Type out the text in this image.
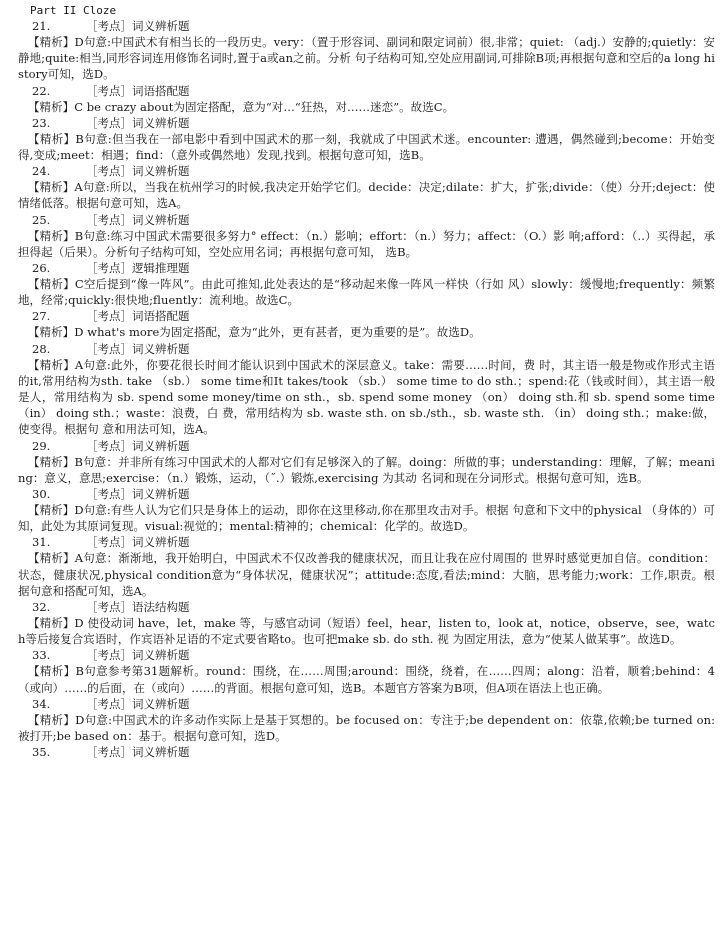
Part II Cloze
21.	［考点］词义辨析题
【精析】D句意:中国武术有相当长的一段历史。very：（置于形容词、副词和限定词前）很,非常；quiet: （adj.）安静的;quietly：安静地;quite:相当,同形容词连用修饰名词时,置于a或an之前。分析 句子结构可知,空处应用副词,可排除B项;再根据句意和空后的a long history可知，选D。
22.	［考点］词语搭配题
【精析】C be crazy about为固定搭配，意为“对…“狂热，对……迷恋”。故选C。
23.	［考点］词义辨析题
【精析】B句意:但当我在一部电影中看到中国武术的那一刻，我就成了中国武术迷。encounter: 遭遇，偶然碰到;become：开始变得,变成;meet：相遇；find：（意外或偶然地）发现,找到。根据句意可知，选B。
24.	［考点］词义辨析题
【精析】A句意:所以，当我在杭州学习的时候,我决定开始学它们。decide：决定;dilate：扩大，扩张;divide：（使）分开;deject：使情绪低落。根据句意可知，选A。
25.	［考点］词义辨析题
【精析】B句意:练习中国武术需要很多努力° effect：（n.）影响；effort：（n.）努力；affect：（O.）影 响;afford：（..）买得起，承担得起（后果）。分析句子结构可知，空处应用名词；再根据句意可知， 选B。
26.	［考点］逻辑推理题
【精析】C空后提到“像一阵风”。由此可推知,此处表达的是“移动起来像一阵风一样快（行如 风）slowly：缓慢地;frequently：频繁地，经常;quickly:很快地;fluently：流利地。故选C。
27.	［考点］词语搭配题
【精析】D what's more为固定搭配，意为“此外，更有甚者，更为重要的是”。故选D。
28.	［考点］词义辨析题
【精析】A句意:此外，你要花很长时间才能认识到中国武术的深层意义。take：需要……时间，费 时，其主语一般是物或作形式主语的it,常用结构为sth. take （sb.） some time和It takes/took （sb.） some time to do sth.；spend:花（钱或时间），其主语一般是人，常用结构为 sb. spend some money/time on sth.，sb. spend some money （on） doing sth.和 sb. spend some time （in） doing sth.；waste：浪费，白 费，常用结构为 sb. waste sth. on sb./sth.，sb. waste sth. （in） doing sth.；make:做，使变得。根据句 意和用法可知，选A。
29.	［考点］词义辨析题
【精析】B句意：并非所有练习中国武术的人都对它们有足够深入的了解。doing：所做的事；understanding：理解，了解；meaning：意义，意思;exercise：（n.）锻炼，运动，（˝.）锻炼,exercising 为其动 名词和现在分词形式。根据句意可知，选B。
30.	［考点］词义辨析题
【精析】D句意:有些人认为它们只是身体上的运动，即你在这里移动,你在那里攻击对手。根据 句意和下文中的physical （身体的）可知，此处为其原词复现。visual:视觉的；mental:精神的；chemical：化学的。故选D。
31.	［考点］词义辨析题
【精析】A句意：渐渐地，我开始明白，中国武术不仅改善我的健康状况，而且让我在应付周围的 世界时感觉更加自信。condition：状态，健康状况,physical condition意为“身体状况，健康状况”；attitude:态度,看法;mind：大脑，思考能力;work：工作,职责。根据句意和搭配可知，选A。
32.	［考点］语法结构题
【精析】D 使役动词 have，let，make 等，与感官动词（短语）feel，hear，listen to，look at，notice，observe，see，watch等后接复合宾语时，作宾语补足语的不定式要省略to。也可把make sb. do sth. 视 为固定用法，意为“使某人做某事”。故选D。
33.	［考点］词义辨析题
【精析】B句意参考第31题解析。round：围绕，在……周围;around：围绕，绕着，在……四周；along：沿着，顺着;behind：4（或向）……的后面，在（或向）……的背面。根据句意可知，选B。本题官方答案为B项，但A项在语法上也正确。
34.	［考点］词义辨析题
【精析】D句意:中国武术的许多动作实际上是基于冥想的。be focused on：专注于;be dependent on：依靠,依赖;be turned on:被打开;be based on：基于。根据句意可知，选D。
35.	［考点］词义辨析题
